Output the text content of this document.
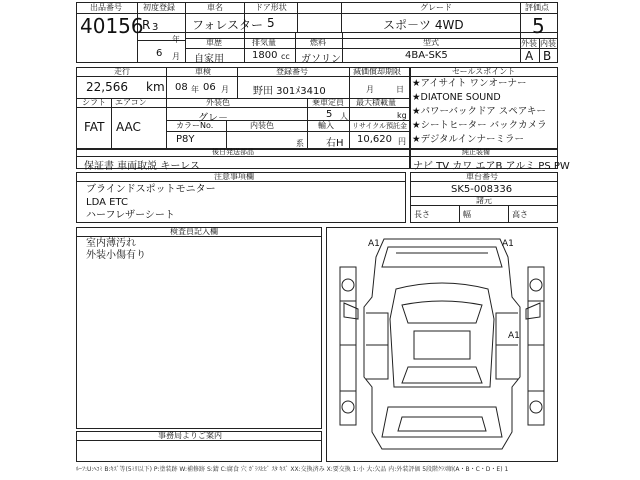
出品番号
40156
初度登録
R 3
年
6 月
車名
フォレスター
ドア形状
5
グレード
スポ－ツ 4WD
評価点
5
車歴
自家用
排気量
1800 cc
燃料
ガソリン
型式
4BA-SK5
外装 内装
A B
走行
22,566 km
車検
08 年 06 月
登録番号
野田 301ﾒ3410
減価償却期限
月	日
シフト
FAT
エアコン
AAC
外装色
グレ－
乗車定員
5 人
最大積載量
kg
カラーNo.
P8Y
内装色
系
輸入
右H
リサイクル預託金
10,620 円
セールスポイント
★アイサイト ワンオーナー
★DIATONE SOUND
★パワーバックドア スペアキー
★シートヒーター バックカメラ
★デジタルインナーミラー
後日発送部品
保証書 車両取説 キーレス
純正装備
ナビ TV カワ エアB アルミ PS PW
注意事項欄
ブラインドスポットモニター
LDA ETC
ハーフレザーシート
車台番号
SK5-008336
諸元
長さ	幅	高さ
検査員記入欄
室内薄汚れ
外装小傷有り
事務局よりご案内
A1	A1
A1
ﾙｰﾌ:U:ﾍｺﾐ B:ｷｽﾞ等(5ﾐﾘ以下) P:塗装跡 W:補修跡 S:錆 C:腐食 穴 ｶﾞﾗｽﾋﾋﾞ ｽﾀ ｷｽﾞ XX:交換済み X:要交換 1:小 大:欠品 内:外装評価 5段階ｸﾗｽ順(A・B・C・D・E) 1
